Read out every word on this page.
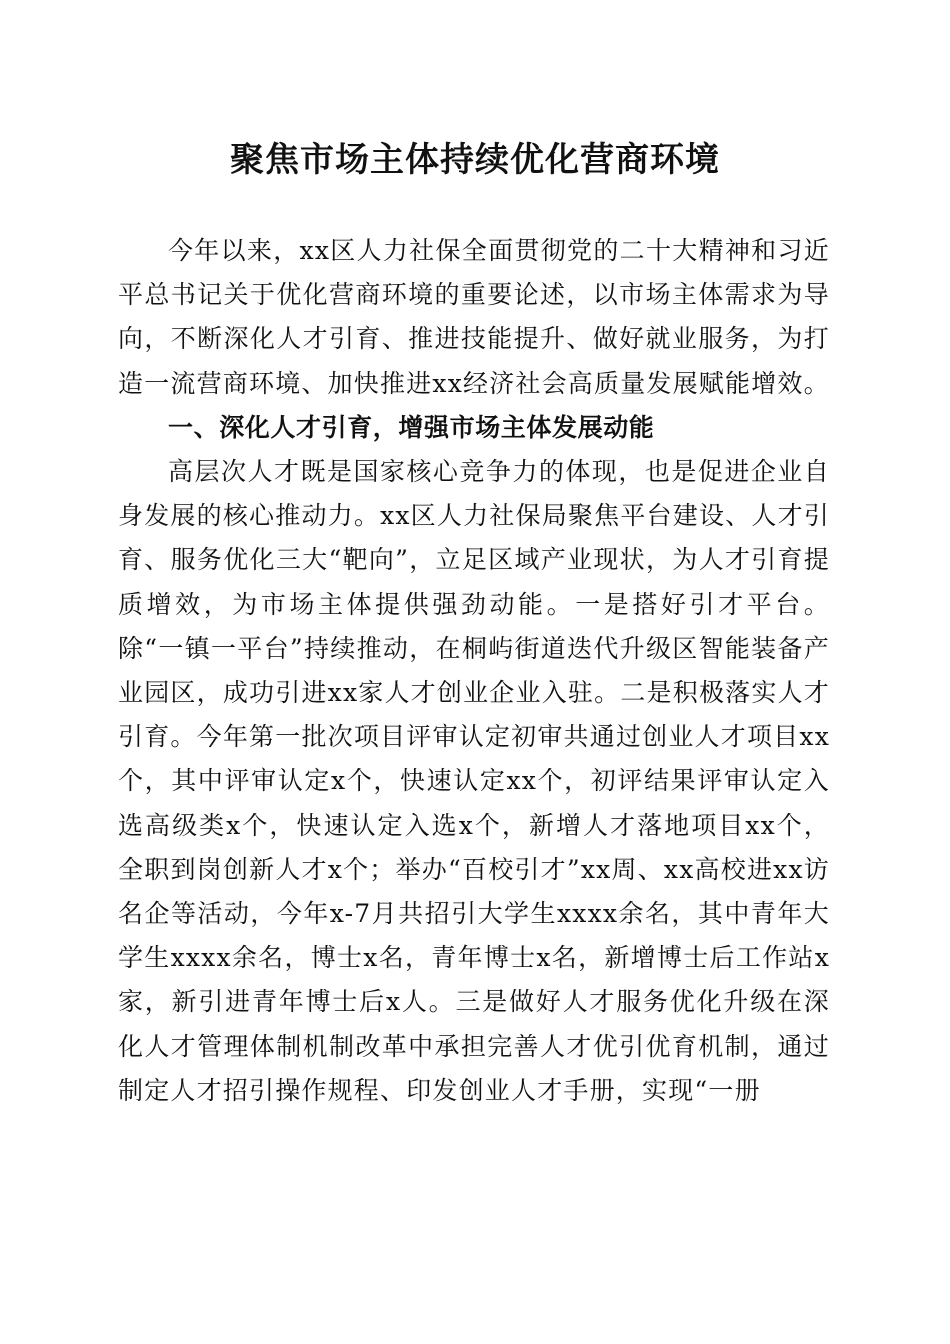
聚焦市场主体持续优化营商环境

今年以来，xx区人力社保全面贯彻党的二十大精神和习近平总书记关于优化营商环境的重要论述，以市场主体需求为导向，不断深化人才引育、推进技能提升、做好就业服务，为打造一流营商环境、加快推进xx经济社会高质量发展赋能增效。

一、深化人才引育，增强市场主体发展动能

高层次人才既是国家核心竞争力的体现，也是促进企业自身发展的核心推动力。xx区人力社保局聚焦平台建设、人才引育、服务优化三大“靶向”，立足区域产业现状，为人才引育提质增效，为市场主体提供强劲动能。一是搭好引才平台。除“一镇一平台”持续推动，在桐屿街道迭代升级区智能装备产业园区，成功引进xx家人才创业企业入驻。二是积极落实人才引育。今年第一批次项目评审认定初审共通过创业人才项目xx个，其中评审认定x个，快速认定xx个，初评结果评审认定入选高级类x个，快速认定入选x个，新增人才落地项目xx个，全职到岗创新人才x个；举办“百校引才”xx周、xx高校进xx访名企等活动，今年x-7月共招引大学生xxxx余名，其中青年大学生xxxx余名，博士x名，青年博士x名，新增博士后工作站x家，新引进青年博士后x人。三是做好人才服务优化升级在深化人才管理体制机制改革中承担完善人才优引优育机制，通过制定人才招引操作规程、印发创业人才手册，实现“一册
